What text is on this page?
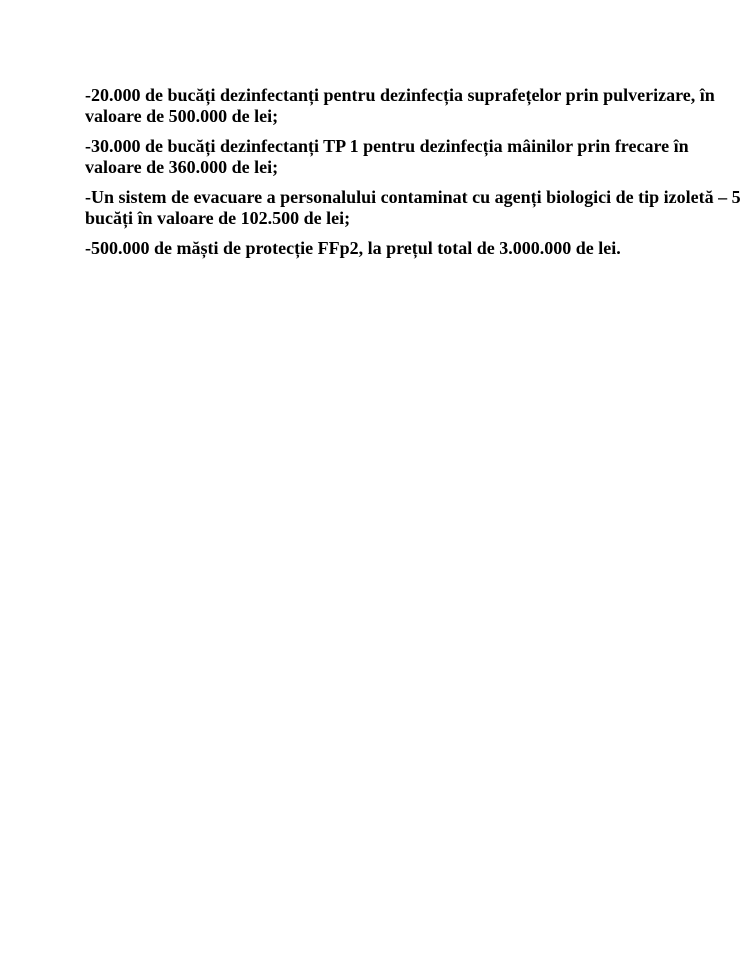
-20.000 de bucăți dezinfectanți pentru dezinfecția suprafețelor prin pulverizare, în
valoare de 500.000 de lei;

-30.000 de bucăți dezinfectanți TP 1 pentru dezinfecția mâinilor prin frecare în
valoare de 360.000 de lei;

-Un sistem de evacuare a personalului contaminat cu agenți biologici de tip izoletă – 5
bucăți în valoare de 102.500 de lei;

-500.000 de măști de protecție FFp2, la prețul total de 3.000.000 de lei.
